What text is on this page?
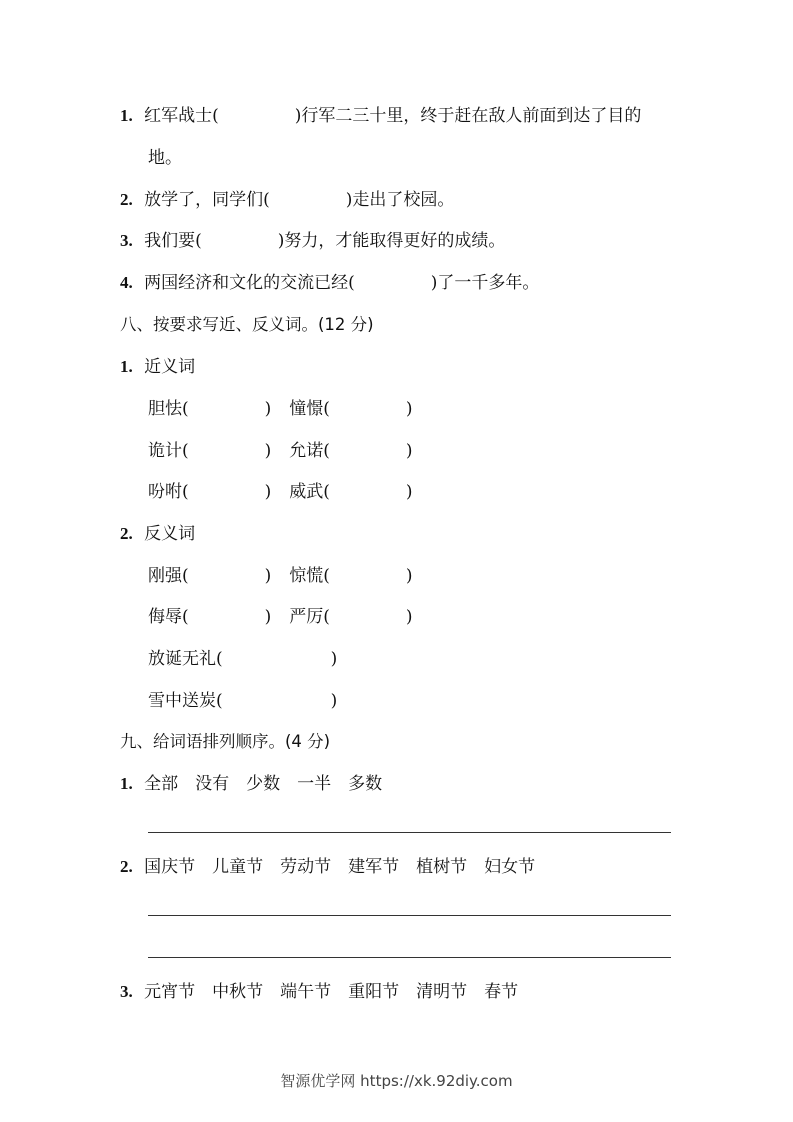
1. 红军战士(	)行军二三十里，终于赶在敌人前面到达了目的
地。
2. 放学了，同学们(	)走出了校园。
3. 我们要(	)努力，才能取得更好的成绩。
4. 两国经济和文化的交流已经(	)了一千多年。
八、按要求写近、反义词。(12 分)
1. 近义词
胆怯(	) 憧憬(	)
诡计(	) 允诺(	)
吩咐(	) 威武(	)
2. 反义词
刚强(	) 惊慌(	)
侮辱(	) 严厉(	)
放诞无礼(	)
雪中送炭(	)
九、给词语排列顺序。(4 分)
1. 全部 没有 少数 一半 多数
2. 国庆节 儿童节 劳动节 建军节 植树节 妇女节
3. 元宵节 中秋节 端午节 重阳节 清明节 春节
智源优学网 https://xk.92diy.com
